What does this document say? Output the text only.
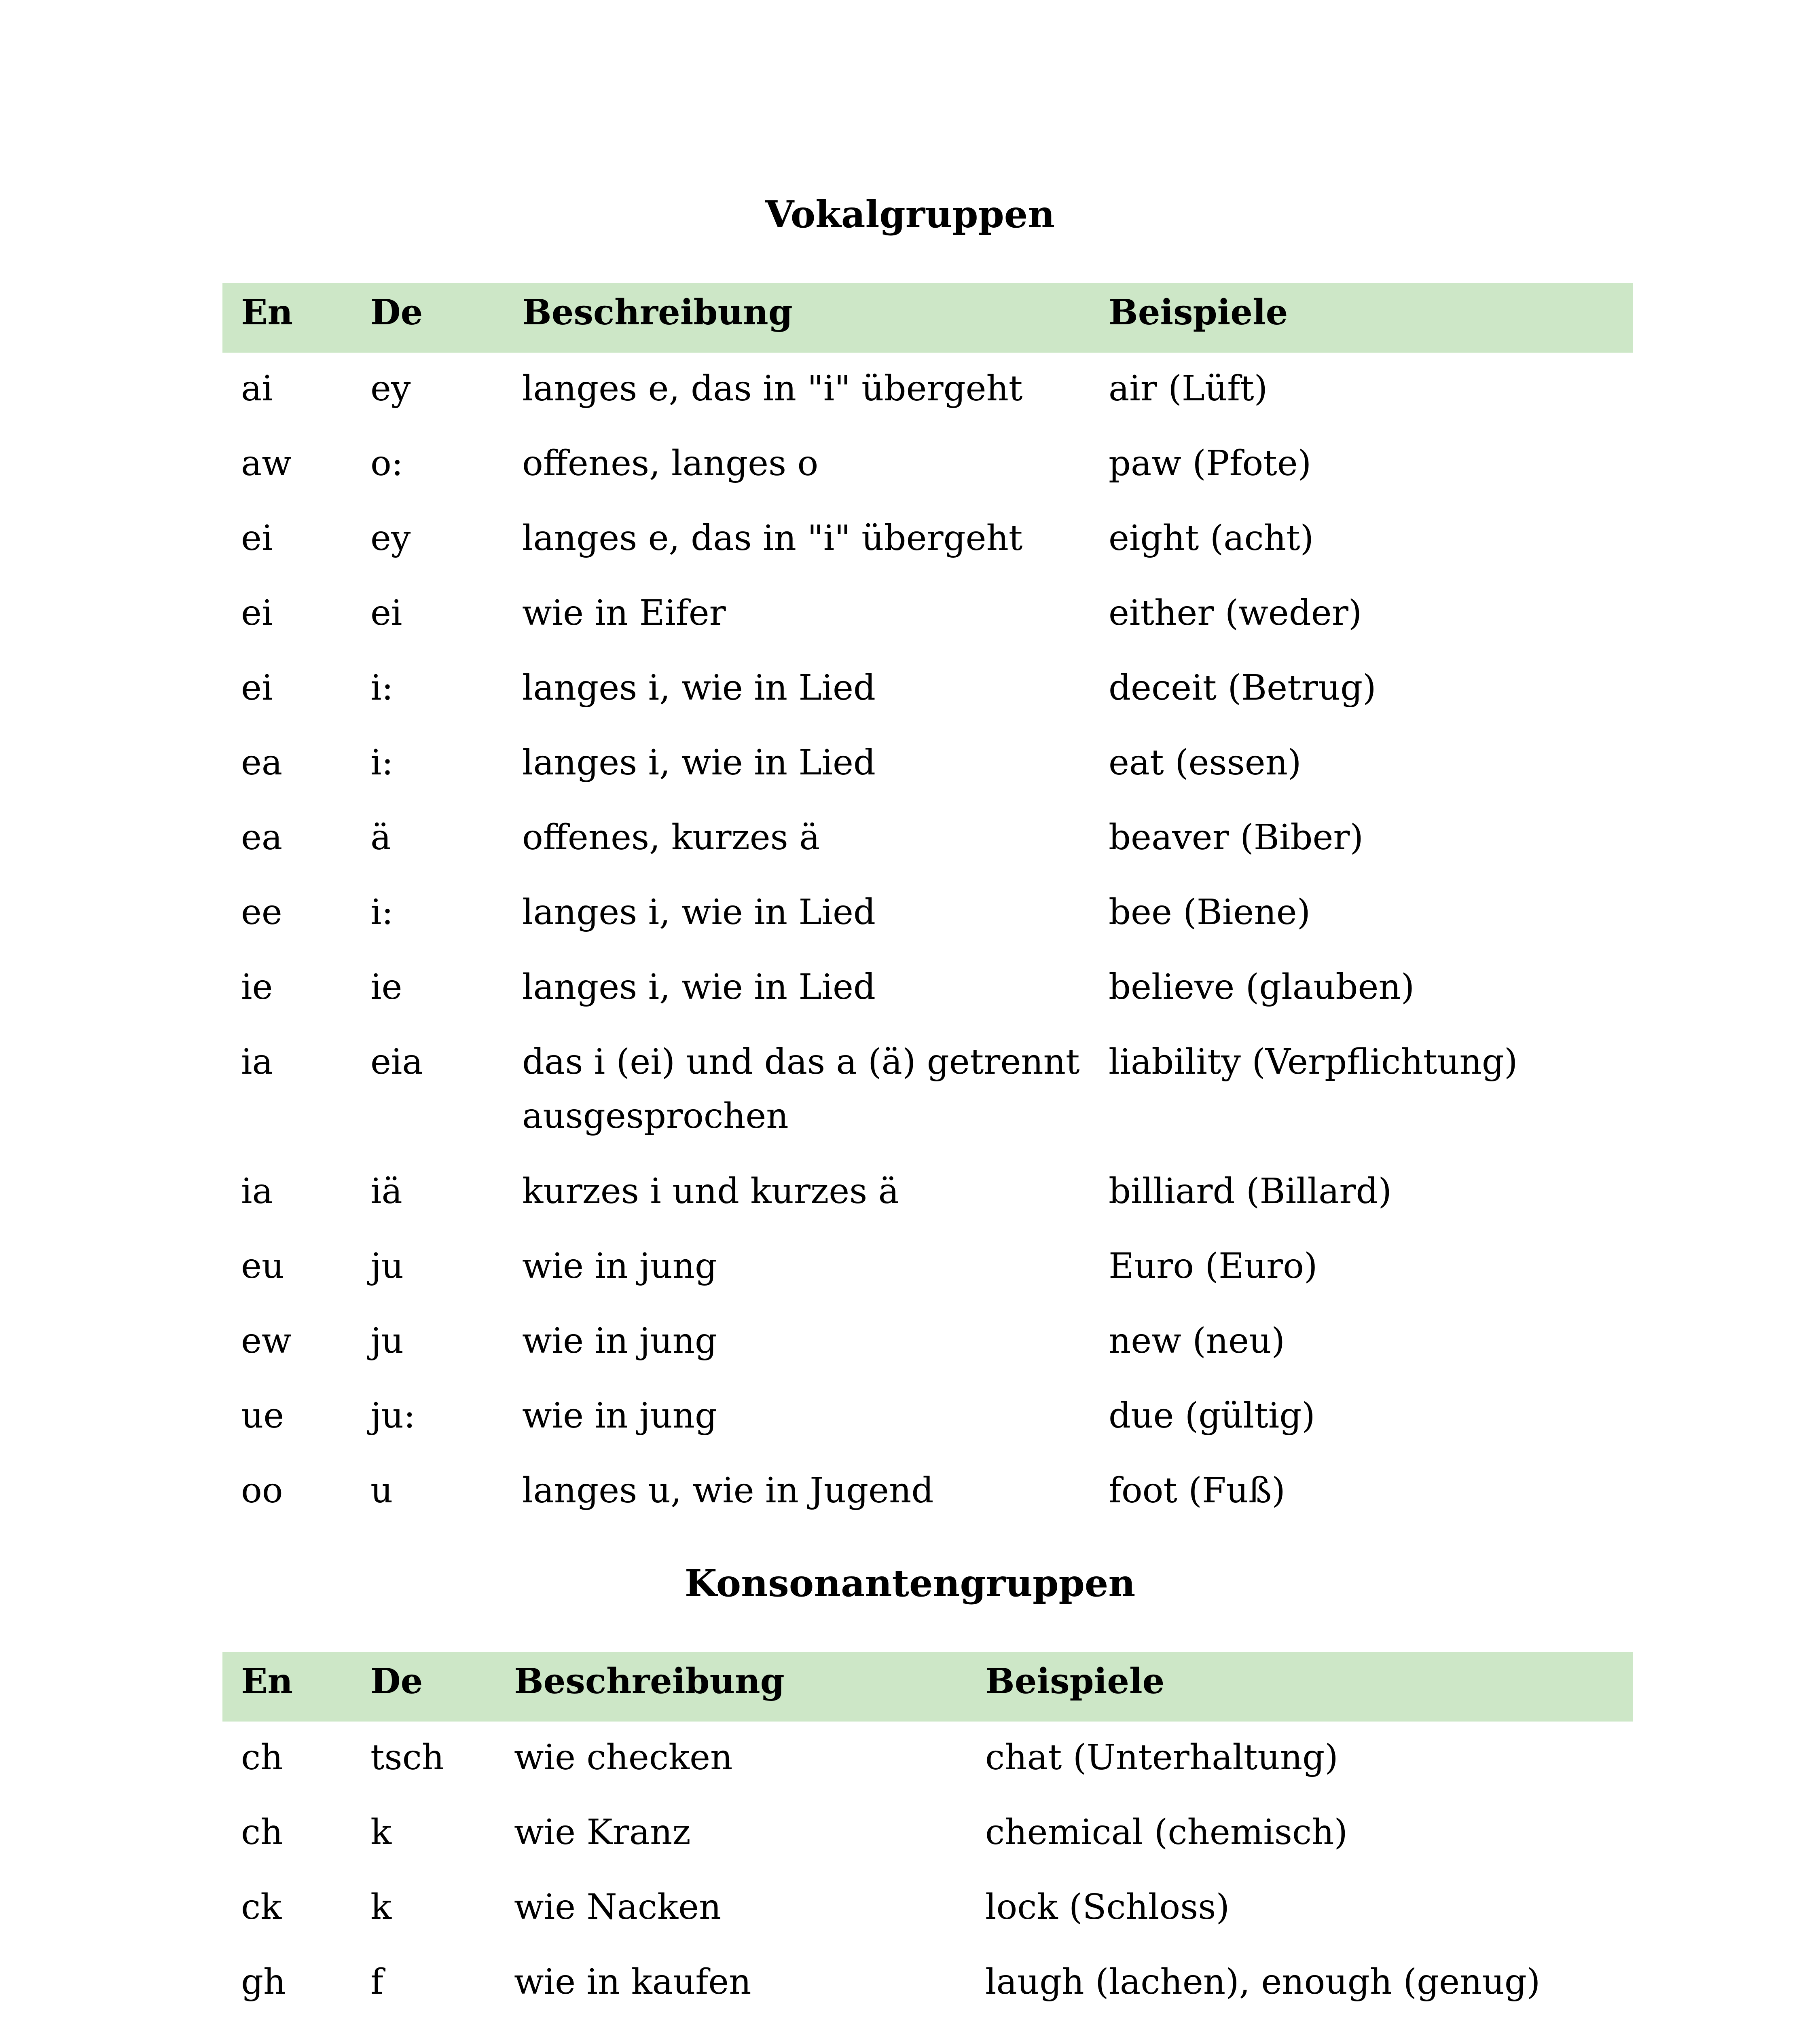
Vokalgruppen
En	De	Beschreibung	Beispiele
ai	ey	langes e, das in "i" übergeht	air (Lüft)
aw	o:	offenes, langes o	paw (Pfote)
ei	ey	langes e, das in "i" übergeht	eight (acht)
ei	ei	wie in Eifer	either (weder)
ei	i:	langes i, wie in Lied	deceit (Betrug)
ea	i:	langes i, wie in Lied	eat (essen)
ea	ä	offenes, kurzes ä	beaver (Biber)
ee	i:	langes i, wie in Lied	bee (Biene)
ie	ie	langes i, wie in Lied	believe (glauben)
ia	eia	das i (ei) und das a (ä) getrennt ausgesprochen	liability (Verpflichtung)
ia	iä	kurzes i und kurzes ä	billiard (Billard)
eu	ju	wie in jung	Euro (Euro)
ew	ju	wie in jung	new (neu)
ue	ju:	wie in jung	due (gültig)
oo	u	langes u, wie in Jugend	foot (Fuß)
Konsonantengruppen
En	De	Beschreibung	Beispiele
ch	tsch	wie checken	chat (Unterhaltung)
ch	k	wie Kranz	chemical (chemisch)
ck	k	wie Nacken	lock (Schloss)
gh	f	wie in kaufen	laugh (lachen), enough (genug)
